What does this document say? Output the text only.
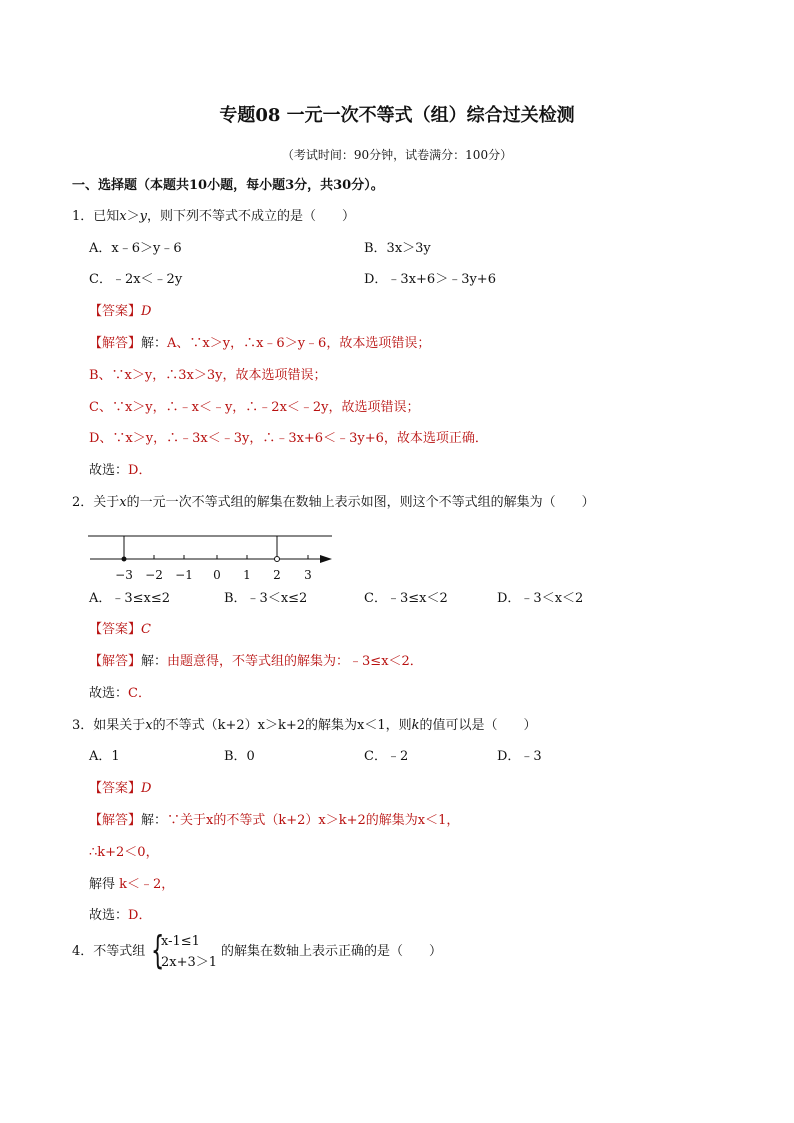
专题08 一元一次不等式（组）综合过关检测
（考试时间：90分钟，试卷满分：100分）
一、选择题（本题共10小题，每小题3分，共30分）。
1．已知x＞y，则下列不等式不成立的是（　　）
A．x﹣6＞y﹣6	B．3x＞3y
C．﹣2x＜﹣2y	D．﹣3x+6＞﹣3y+6
【答案】D
【解答】解：A、∵x＞y，∴x﹣6＞y﹣6，故本选项错误；
B、∵x＞y，∴3x＞3y，故本选项错误；
C、∵x＞y，∴﹣x＜﹣y，∴﹣2x＜﹣2y，故选项错误；
D、∵x＞y，∴﹣3x＜﹣3y，∴﹣3x+6＜﹣3y+6，故本选项正确．
故选：D．
2．关于x的一元一次不等式组的解集在数轴上表示如图，则这个不等式组的解集为（　　）
−3 −2 −1 0 1 2 3
A．﹣3≤x≤2	B．﹣3＜x≤2	C．﹣3≤x＜2	D．﹣3＜x＜2
【答案】C
【解答】解：由题意得，不等式组的解集为：﹣3≤x＜2．
故选：C．
3．如果关于x的不等式（k+2）x＞k+2的解集为x＜1，则k的值可以是（　　）
A．1	B．0	C．﹣2	D．﹣3
【答案】D
【解答】解：∵关于x的不等式（k+2）x＞k+2的解集为x＜1，
∴k+2＜0，
解得 k＜﹣2，
故选：D．
4．不等式组 {
x-1≤1
2x+3＞1
的解集在数轴上表示正确的是（　　）
